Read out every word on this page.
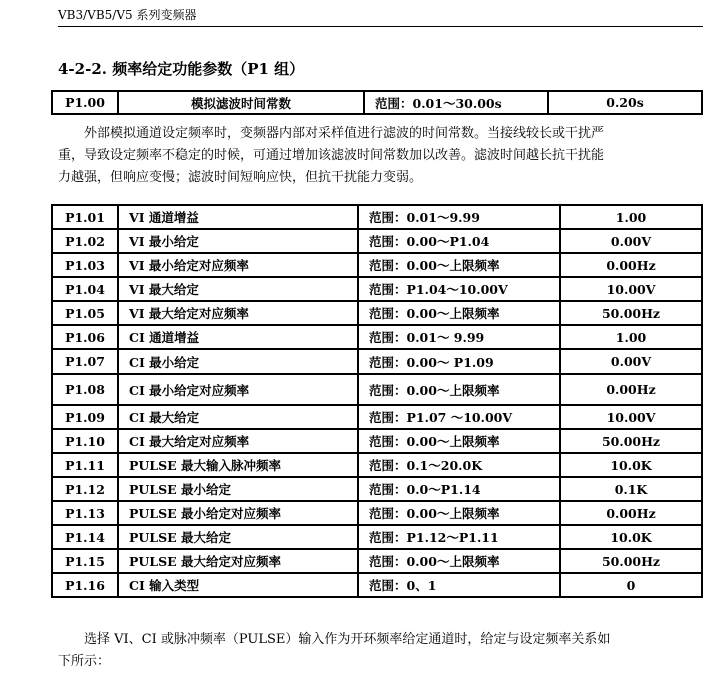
VB3/VB5/V5 系列变频器
4-2-2. 频率给定功能参数（P1 组）
P1.00	模拟滤波时间常数	范围：0.01～30.00s	0.20s
外部模拟通道设定频率时，变频器内部对采样值进行滤波的时间常数。当接线较长或干扰严
重，导致设定频率不稳定的时候，可通过增加该滤波时间常数加以改善。滤波时间越长抗干扰能
力越强，但响应变慢；滤波时间短响应快，但抗干扰能力变弱。
P1.01	VI 通道增益	范围：0.01～9.99	1.00
P1.02	VI 最小给定	范围：0.00～P1.04	0.00V
P1.03	VI 最小给定对应频率	范围：0.00～上限频率	0.00Hz
P1.04	VI 最大给定	范围：P1.04～10.00V	10.00V
P1.05	VI 最大给定对应频率	范围：0.00～上限频率	50.00Hz
P1.06	CI 通道增益	范围：0.01～ 9.99	1.00
P1.07	CI 最小给定	范围：0.00～ P1.09	0.00V
P1.08	CI 最小给定对应频率	范围：0.00～上限频率	0.00Hz
P1.09	CI 最大给定	范围：P1.07 ～10.00V	10.00V
P1.10	CI 最大给定对应频率	范围：0.00～上限频率	50.00Hz
P1.11	PULSE 最大输入脉冲频率	范围：0.1～20.0K	10.0K
P1.12	PULSE 最小给定	范围：0.0～P1.14	0.1K
P1.13	PULSE 最小给定对应频率	范围：0.00～上限频率	0.00Hz
P1.14	PULSE 最大给定	范围：P1.12～P1.11	10.0K
P1.15	PULSE 最大给定对应频率	范围：0.00～上限频率	50.00Hz
P1.16	CI 输入类型	范围：0、1	0
选择 VI、CI 或脉冲频率（PULSE）输入作为开环频率给定通道时，给定与设定频率关系如
下所示：
